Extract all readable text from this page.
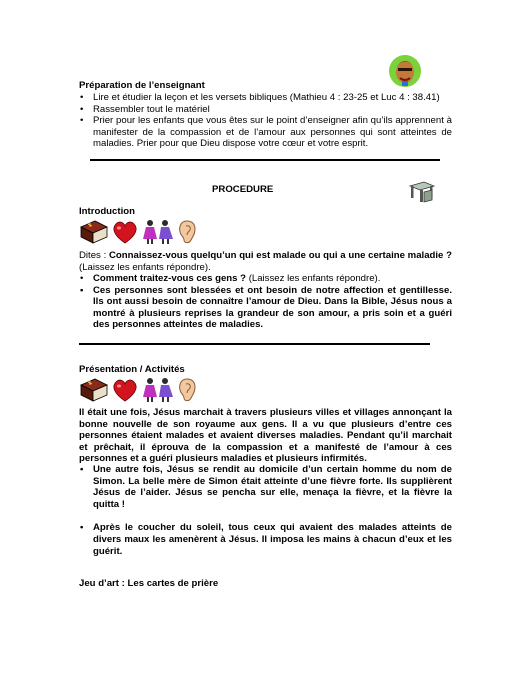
Préparation de l’enseignant
• Lire et étudier la leçon et les versets bibliques (Mathieu 4 : 23-25 et Luc 4 : 38.41)
• Rassembler tout le matériel
• Prier pour les enfants que vous êtes sur le point d’enseigner afin qu’ils apprennent à manifester de la compassion et de l’amour aux personnes qui sont atteintes de maladies. Prier pour que Dieu dispose votre cœur et votre esprit.
PROCEDURE
Introduction
Dites : Connaissez-vous quelqu’un qui est malade ou qui a une certaine maladie ? (Laissez les enfants répondre).
• Comment traitez-vous ces gens ? (Laissez les enfants répondre).
• Ces personnes sont blessées et ont besoin de notre affection et gentillesse. Ils ont aussi besoin de connaître l’amour de Dieu. Dans la Bible, Jésus nous a montré à plusieurs reprises la grandeur de son amour, a pris soin et a guéri des personnes atteintes de maladies.
Présentation / Activités
Il était une fois, Jésus marchait à travers plusieurs villes et villages annonçant la bonne nouvelle de son royaume aux gens. Il a vu que plusieurs d’entre ces personnes étaient malades et avaient diverses maladies. Pendant qu’il marchait et prêchait, il éprouva de la compassion et a manifesté de l’amour à ces personnes et a guéri plusieurs maladies et plusieurs infirmités.
• Une autre fois, Jésus se rendit au domicile d’un certain homme du nom de Simon. La belle mère de Simon était atteinte d’une fièvre forte. Ils supplièrent Jésus de l’aider. Jésus se pencha sur elle, menaça la fièvre, et la fièvre la quitta !
• Après le coucher du soleil, tous ceux qui avaient des malades atteints de divers maux les amenèrent à Jésus. Il imposa les mains à chacun d’eux et les guérit.
Jeu d’art : Les cartes de prière
